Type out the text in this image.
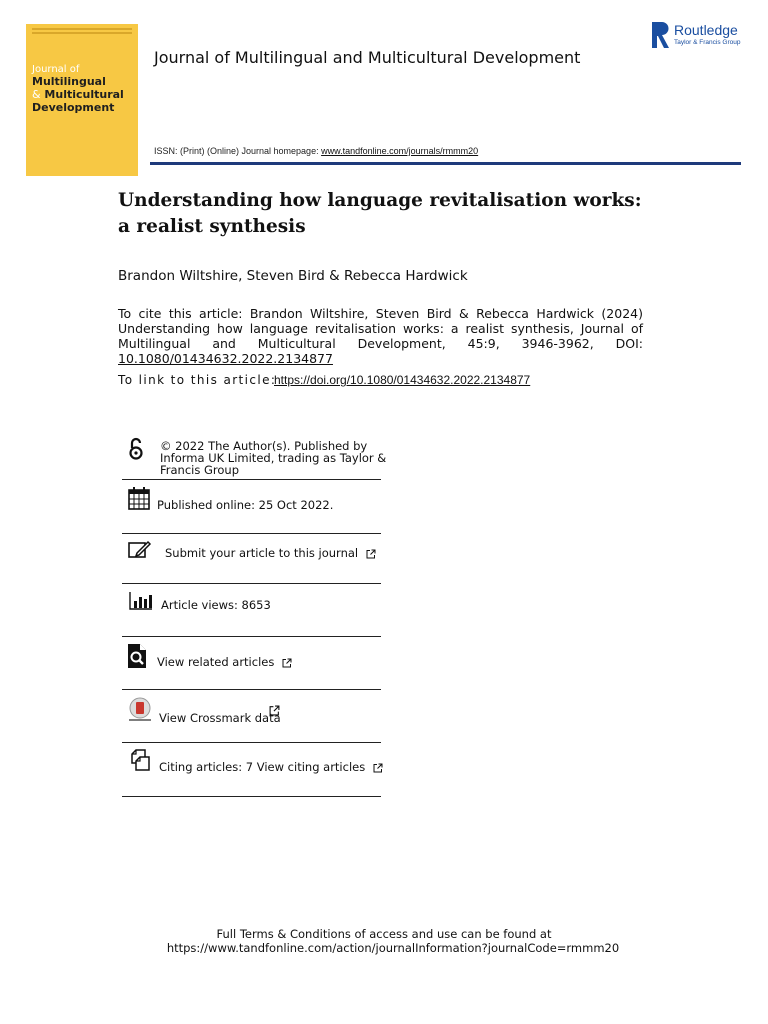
Journal of
Multilingual
& Multicultural
Development
Journal of Multilingual and Multicultural Development
Routledge
Taylor & Francis Group
ISSN: (Print) (Online) Journal homepage: www.tandfonline.com/journals/rmmm20
Understanding how language revitalisation works: a realist synthesis
Brandon Wiltshire, Steven Bird & Rebecca Hardwick
To cite this article: Brandon Wiltshire, Steven Bird & Rebecca Hardwick (2024) Understanding how language revitalisation works: a realist synthesis, Journal of Multilingual and Multicultural Development, 45:9, 3946-3962, DOI: 10.1080/01434632.2022.2134877
To link to this article:
https://doi.org/10.1080/01434632.2022.2134877
© 2022 The Author(s). Published by Informa UK Limited, trading as Taylor & Francis Group
Published online: 25 Oct 2022.
Submit your article to this journal
Article views: 8653
View related articles
View Crossmark data
Citing articles: 7 View citing articles
Full Terms & Conditions of access and use can be found at
https://www.tandfonline.com/action/journalInformation?journalCode=rmmm20
